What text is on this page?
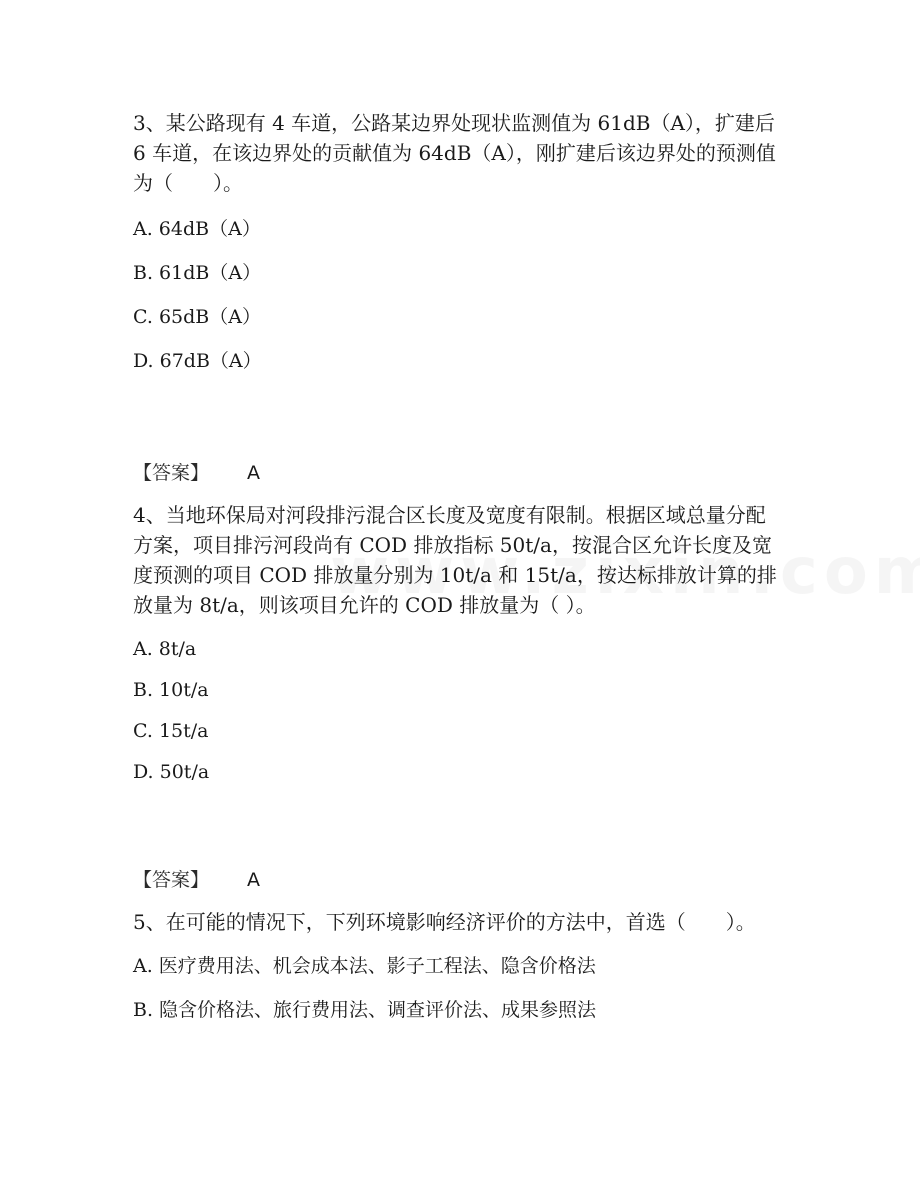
3、某公路现有 4 车道，公路某边界处现状监测值为 61dB（A），扩建后 6 车道，在该边界处的贡献值为 64dB（A），刚扩建后该边界处的预测值为（　　）。

A. 64dB（A）

B. 61dB（A）

C. 65dB（A）

D. 67dB（A）

【答案】 A

4、当地环保局对河段排污混合区长度及宽度有限制。根据区域总量分配方案，项目排污河段尚有 COD 排放指标 50t/a，按混合区允许长度及宽度预测的项目 COD 排放量分别为 10t/a 和 15t/a，按达标排放计算的排放量为 8t/a，则该项目允许的 COD 排放量为（ ）。

A. 8t/a

B. 10t/a

C. 15t/a

D. 50t/a

【答案】 A

5、在可能的情况下，下列环境影响经济评价的方法中，首选（　　）。

A. 医疗费用法、机会成本法、影子工程法、隐含价格法

B. 隐含价格法、旅行费用法、调查评价法、成果参照法
